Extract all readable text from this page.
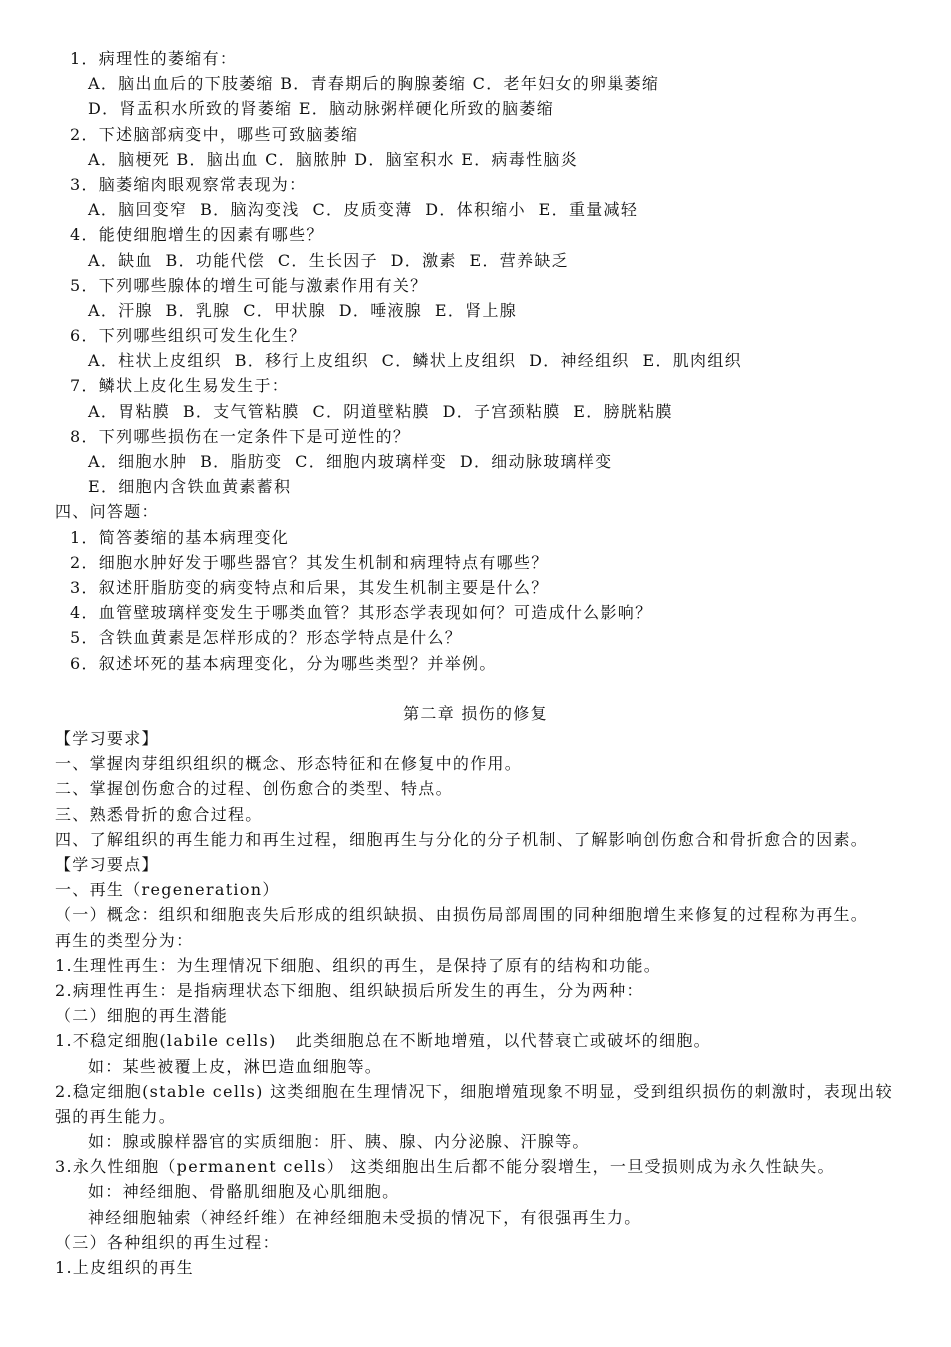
1．病理性的萎缩有：
A．脑出血后的下肢萎缩 B．青春期后的胸腺萎缩 C．老年妇女的卵巢萎缩
D．肾盂积水所致的肾萎缩 E．脑动脉粥样硬化所致的脑萎缩
2．下述脑部病变中，哪些可致脑萎缩
A．脑梗死 B．脑出血 C．脑脓肿 D．脑室积水 E．病毒性脑炎
3．脑萎缩肉眼观察常表现为：
A．脑回变窄  B．脑沟变浅  C．皮质变薄  D．体积缩小  E．重量减轻
4．能使细胞增生的因素有哪些？
A．缺血  B．功能代偿  C．生长因子  D．激素  E．营养缺乏
5．下列哪些腺体的增生可能与激素作用有关？
A．汗腺  B．乳腺  C．甲状腺  D．唾液腺  E．肾上腺
6．下列哪些组织可发生化生？
A．柱状上皮组织  B．移行上皮组织  C．鳞状上皮组织  D．神经组织  E．肌肉组织
7．鳞状上皮化生易发生于：
A．胃粘膜  B．支气管粘膜  C．阴道壁粘膜  D．子宫颈粘膜  E．膀胱粘膜
8．下列哪些损伤在一定条件下是可逆性的？
A．细胞水肿  B．脂肪变  C．细胞内玻璃样变  D．细动脉玻璃样变
E．细胞内含铁血黄素蓄积
四、问答题：
1．简答萎缩的基本病理变化
2．细胞水肿好发于哪些器官？其发生机制和病理特点有哪些？
3．叙述肝脂肪变的病变特点和后果，其发生机制主要是什么？
4．血管壁玻璃样变发生于哪类血管？其形态学表现如何？可造成什么影响？
5．含铁血黄素是怎样形成的？形态学特点是什么？
6．叙述坏死的基本病理变化，分为哪些类型？并举例。
第二章 损伤的修复
【学习要求】
一、掌握肉芽组织组织的概念、形态特征和在修复中的作用。
二、掌握创伤愈合的过程、创伤愈合的类型、特点。
三、熟悉骨折的愈合过程。
四、了解组织的再生能力和再生过程，细胞再生与分化的分子机制、了解影响创伤愈合和骨折愈合的因素。
【学习要点】
一、再生（regeneration）
（一）概念：组织和细胞丧失后形成的组织缺损、由损伤局部周围的同种细胞增生来修复的过程称为再生。
再生的类型分为：
1.生理性再生：为生理情况下细胞、组织的再生，是保持了原有的结构和功能。
2.病理性再生：是指病理状态下细胞、组织缺损后所发生的再生，分为两种：
（二）细胞的再生潜能
1.不稳定细胞(labile cells)   此类细胞总在不断地增殖，以代替衰亡或破坏的细胞。
如：某些被覆上皮，淋巴造血细胞等。
2.稳定细胞(stable cells) 这类细胞在生理情况下，细胞增殖现象不明显，受到组织损伤的刺激时，表现出较
强的再生能力。
如：腺或腺样器官的实质细胞：肝、胰、腺、内分泌腺、汗腺等。
3.永久性细胞（permanent cells） 这类细胞出生后都不能分裂增生，一旦受损则成为永久性缺失。
如：神经细胞、骨骼肌细胞及心肌细胞。
神经细胞轴索（神经纤维）在神经细胞未受损的情况下，有很强再生力。
（三）各种组织的再生过程：
1.上皮组织的再生
